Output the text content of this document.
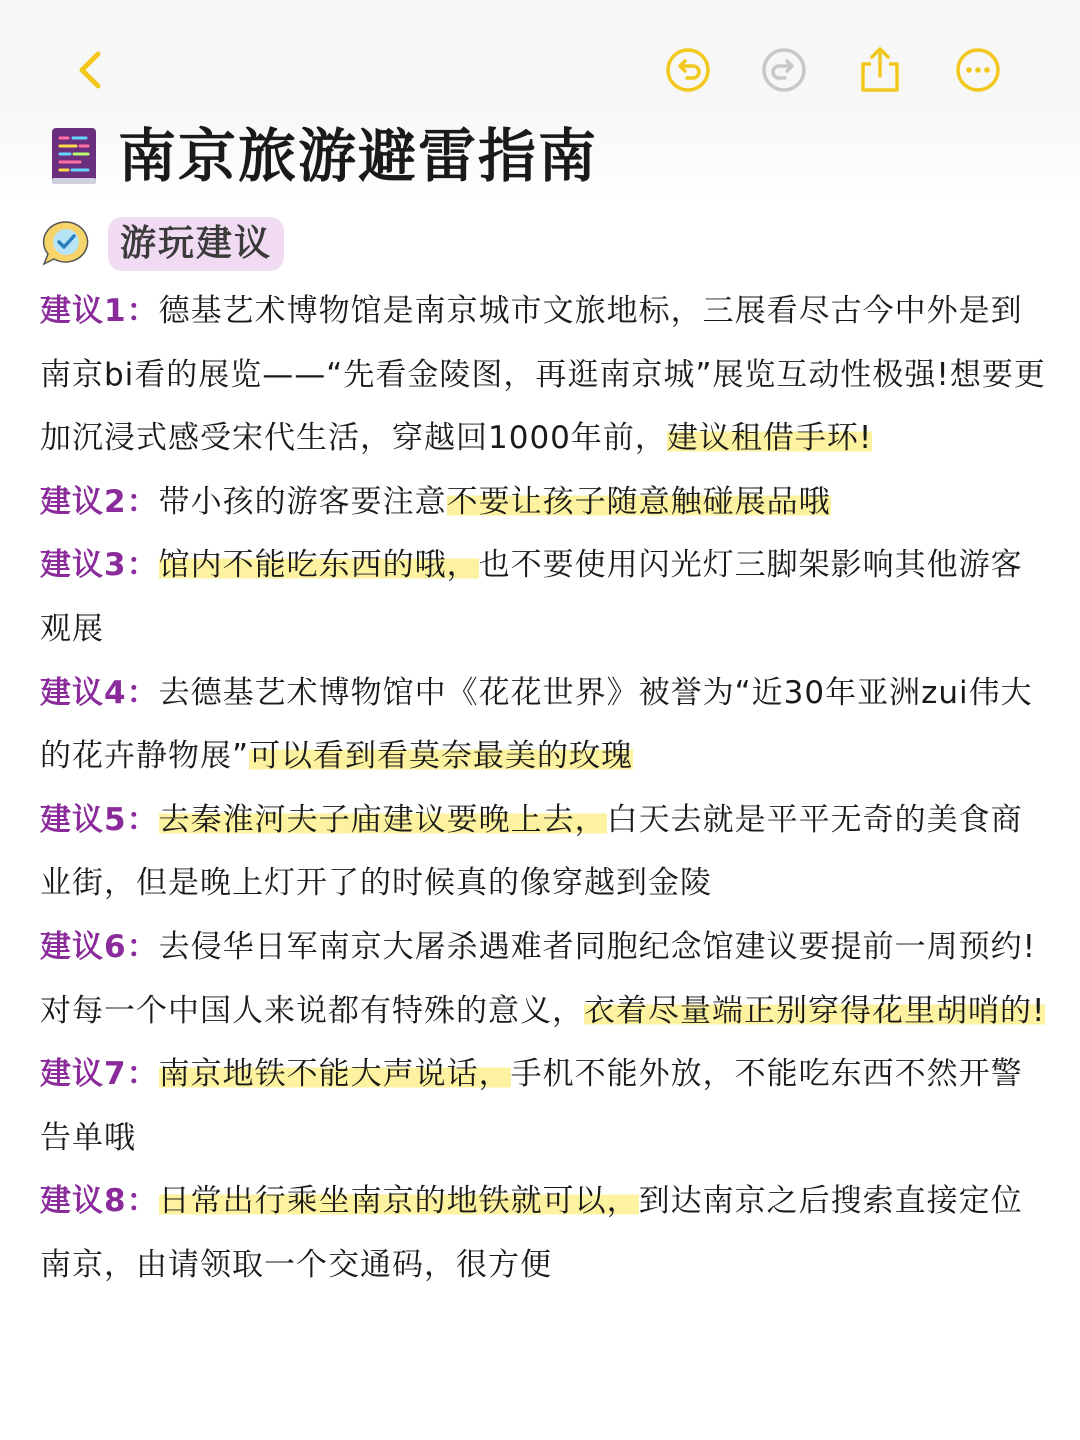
南京旅游避雷指南
游玩建议

建议1：德基艺术博物馆是南京城市文旅地标，三展看尽古今中外是到南京bi看的展览——“先看金陵图，再逛南京城”展览互动性极强!想要更加沉浸式感受宋代生活，穿越回1000年前，建议租借手环!

建议2：带小孩的游客要注意不要让孩子随意触碰展品哦

建议3：馆内不能吃东西的哦，也不要使用闪光灯三脚架影响其他游客观展

建议4：去德基艺术博物馆中《花花世界》被誉为“近30年亚洲zui伟大的花卉静物展”可以看到看莫奈最美的玫瑰

建议5：去秦淮河夫子庙建议要晚上去，白天去就是平平无奇的美食商业街，但是晚上灯开了的时候真的像穿越到金陵

建议6：去侵华日军南京大屠杀遇难者同胞纪念馆建议要提前一周预约!对每一个中国人来说都有特殊的意义，衣着尽量端正别穿得花里胡哨的!

建议7：南京地铁不能大声说话，手机不能外放，不能吃东西不然开警告单哦

建议8：日常出行乘坐南京的地铁就可以，到达南京之后搜索直接定位南京，由请领取一个交通码，很方便
